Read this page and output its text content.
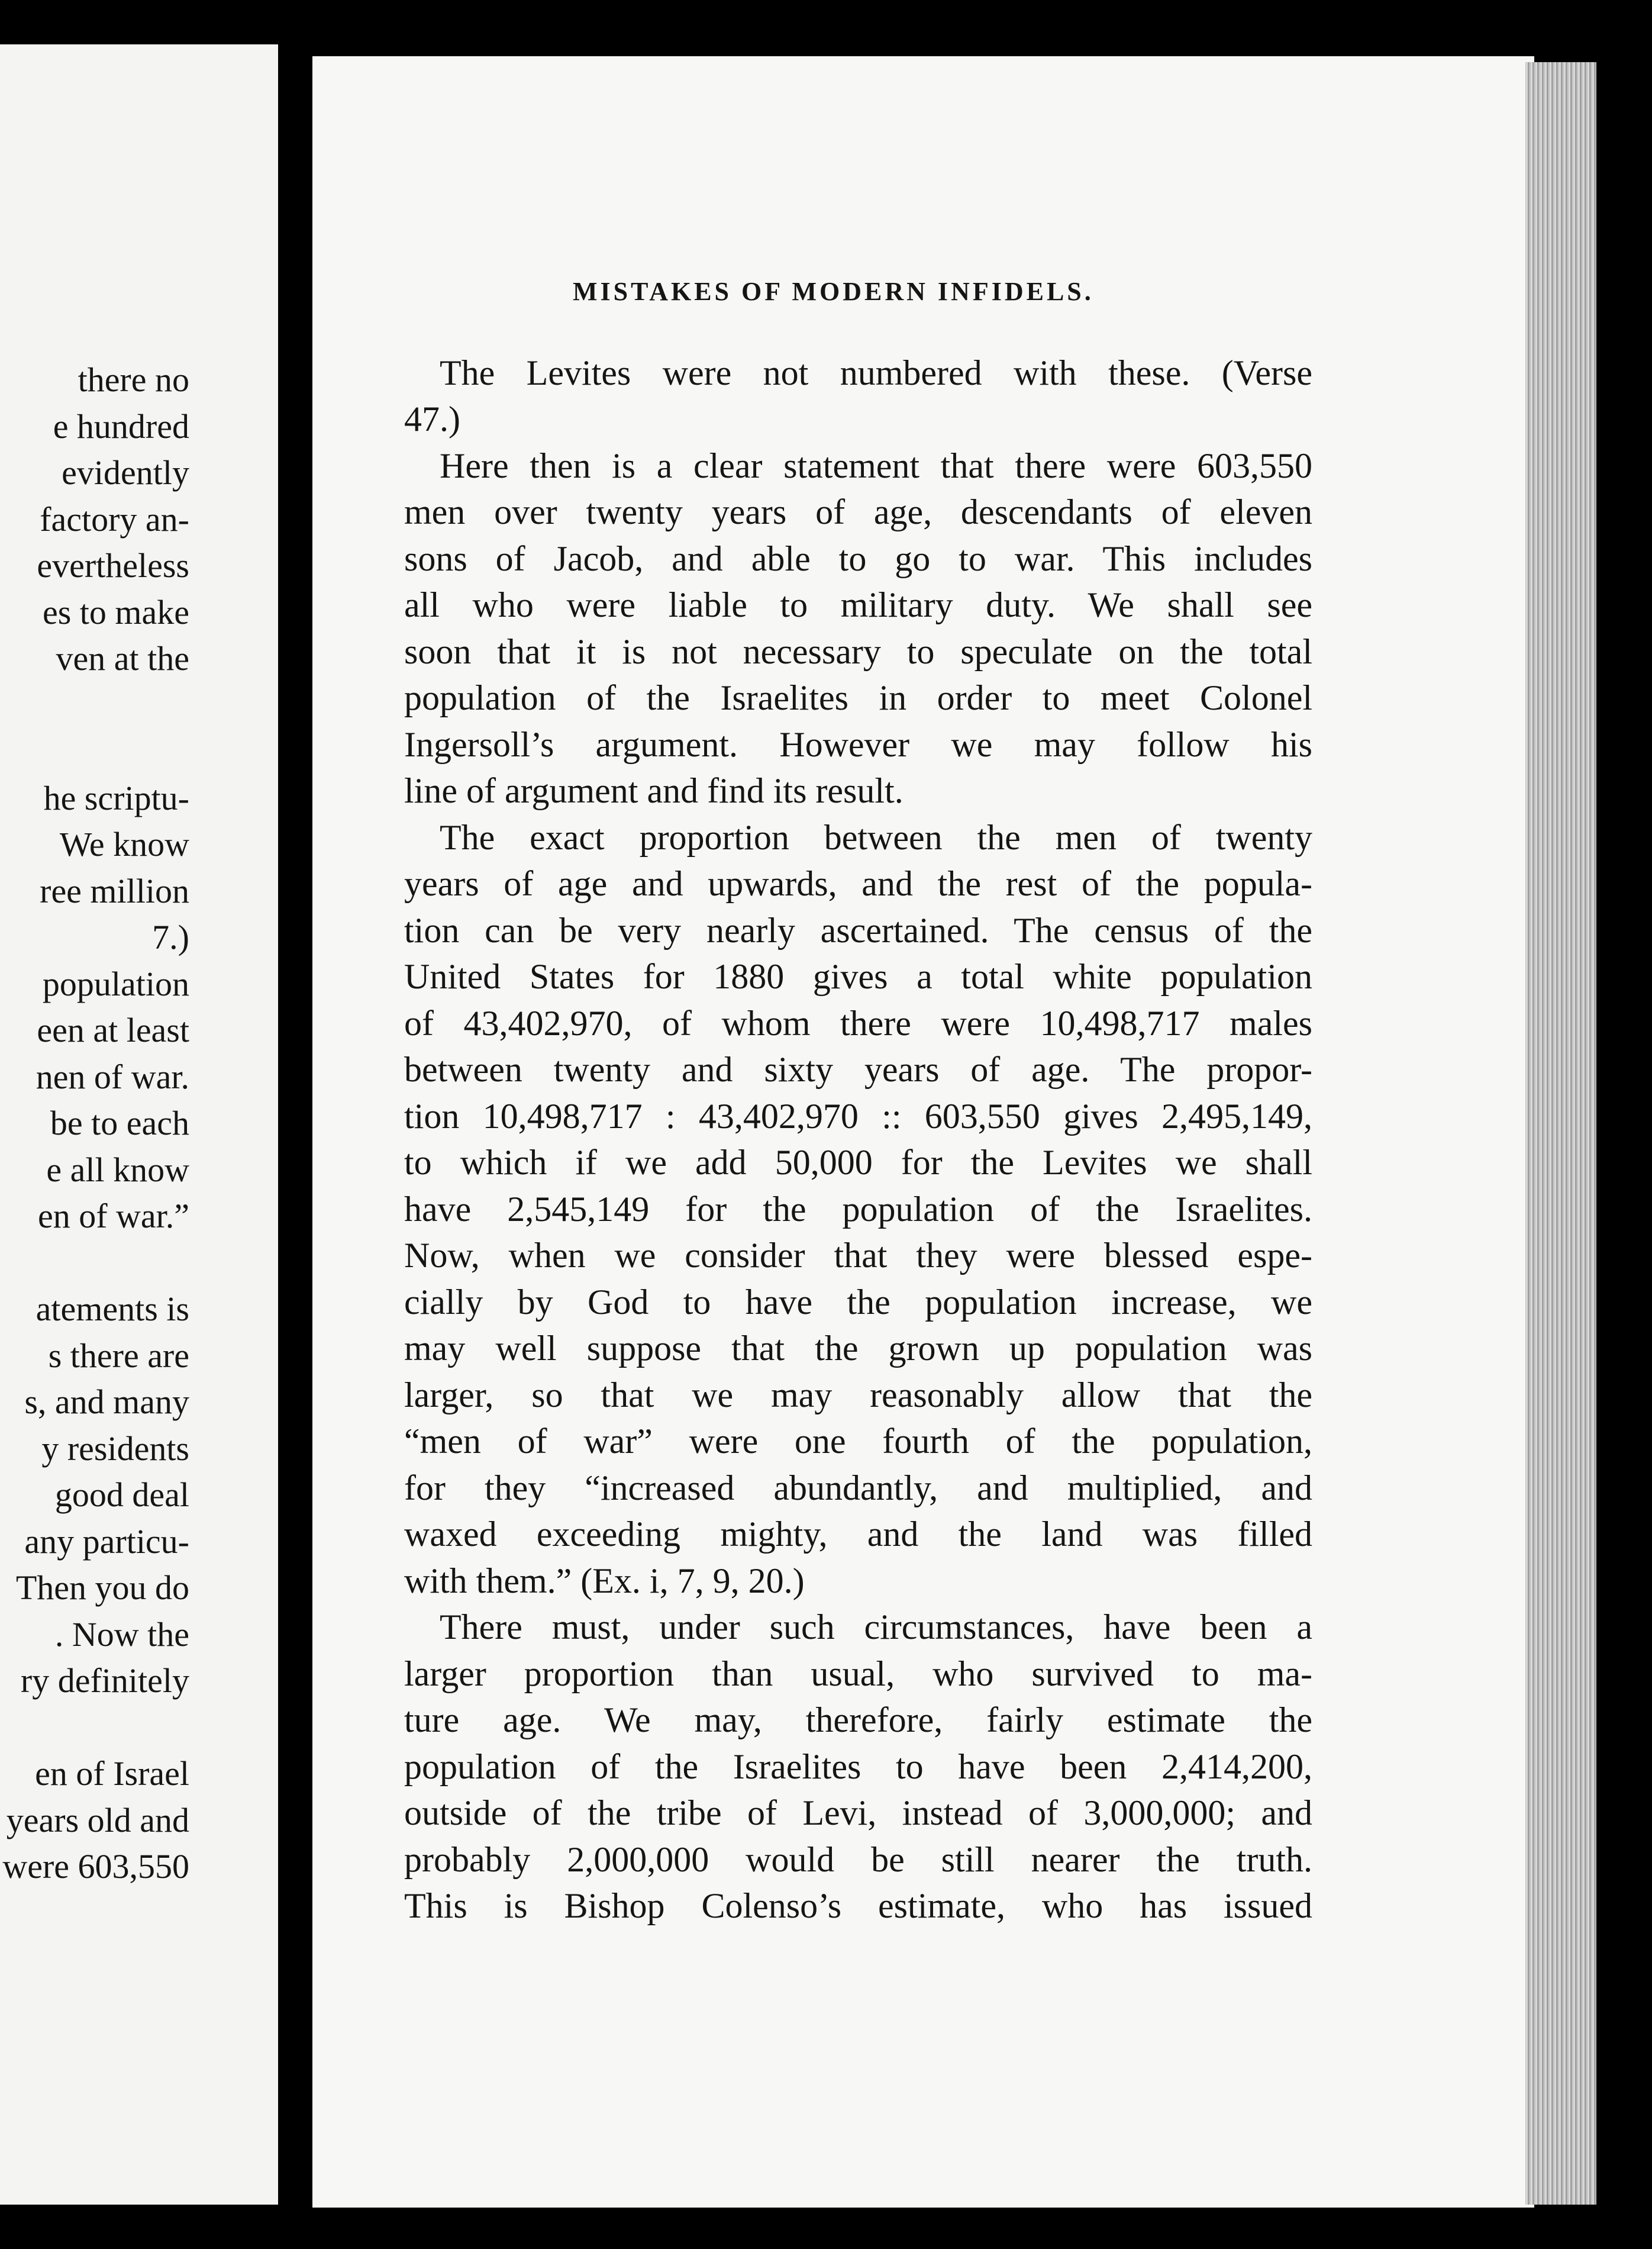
there no
e hundred
evidently
factory an-
evertheless
es to make
ven at the
he scriptu-
We know
ree million
7.)
population
een at least
nen of war.
be to each
e all know
en of war.”
atements is
s there are
s, and many
y residents
good deal
any particu-
Then you do
. Now the
ry definitely
en of Israel
years old and
were 603,550
MISTAKES OF MODERN INFIDELS.
The Levites were not numbered with these. (Verse
47.)
Here then is a clear statement that there were 603,550
men over twenty years of age, descendants of eleven
sons of Jacob, and able to go to war. This includes
all who were liable to military duty. We shall see
soon that it is not necessary to speculate on the total
population of the Israelites in order to meet Colonel
Ingersoll’s argument. However we may follow his
line of argument and find its result.
The exact proportion between the men of twenty
years of age and upwards, and the rest of the popula-
tion can be very nearly ascertained. The census of the
United States for 1880 gives a total white population
of 43,402,970, of whom there were 10,498,717 males
between twenty and sixty years of age. The propor-
tion 10,498,717 : 43,402,970 :: 603,550 gives 2,495,149,
to which if we add 50,000 for the Levites we shall
have 2,545,149 for the population of the Israelites.
Now, when we consider that they were blessed espe-
cially by God to have the population increase, we
may well suppose that the grown up population was
larger, so that we may reasonably allow that the
“men of war” were one fourth of the population,
for they “increased abundantly, and multiplied, and
waxed exceeding mighty, and the land was filled
with them.” (Ex. i, 7, 9, 20.)
There must, under such circumstances, have been a
larger proportion than usual, who survived to ma-
ture age. We may, therefore, fairly estimate the
population of the Israelites to have been 2,414,200,
outside of the tribe of Levi, instead of 3,000,000; and
probably 2,000,000 would be still nearer the truth.
This is Bishop Colenso’s estimate, who has issued
